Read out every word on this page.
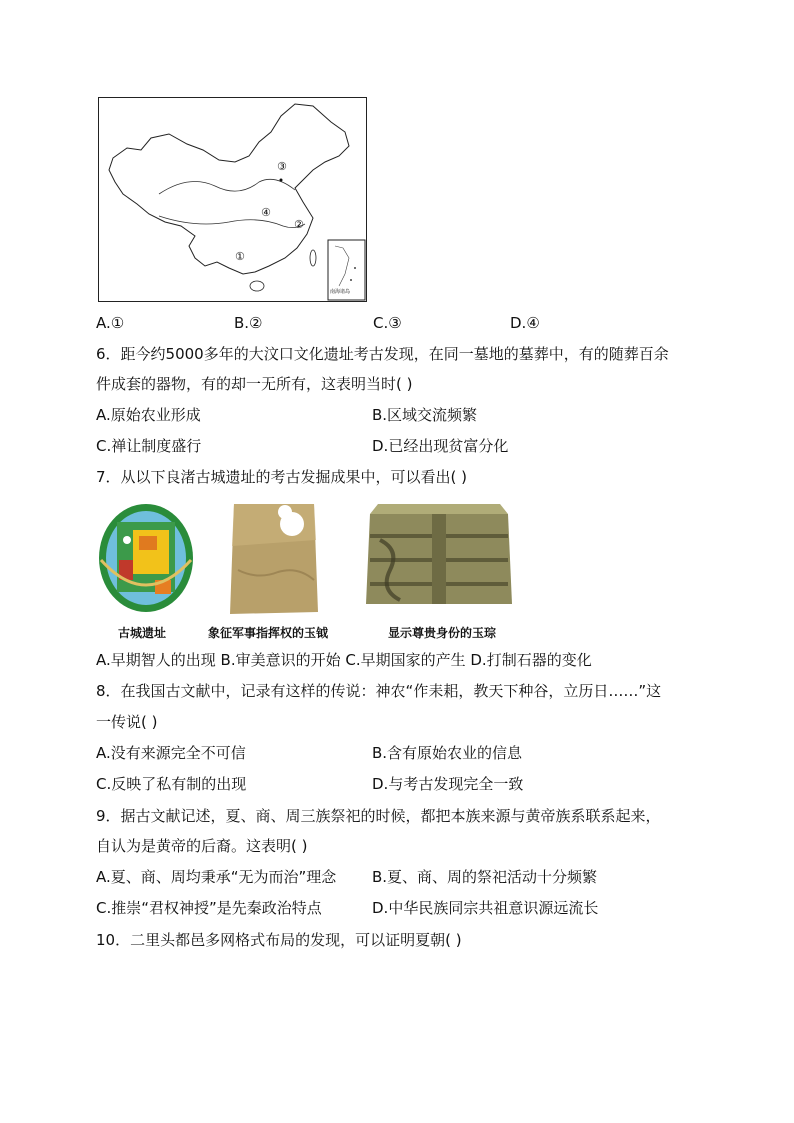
③
④
②
①
南海诸岛
A.①	B.②	C.③	D.④
6．距今约5000多年的大汶口文化遗址考古发现，在同一墓地的墓葬中，有的随葬百余
件成套的器物，有的却一无所有，这表明当时( )
A.原始农业形成	B.区域交流频繁
C.禅让制度盛行	D.已经出现贫富分化
7．从以下良渚古城遗址的考古发掘成果中，可以看出( )
古城遗址	象征军事指挥权的玉钺	显示尊贵身份的玉琮
A.早期智人的出现 B.审美意识的开始 C.早期国家的产生 D.打制石器的变化
8．在我国古文献中，记录有这样的传说：神农“作耒耜，教天下种谷，立历日……”这
一传说( )
A.没有来源完全不可信	B.含有原始农业的信息
C.反映了私有制的出现	D.与考古发现完全一致
9．据古文献记述，夏、商、周三族祭祀的时候，都把本族来源与黄帝族系联系起来，
自认为是黄帝的后裔。这表明( )
A.夏、商、周均秉承“无为而治”理念 B.夏、商、周的祭祀活动十分频繁
C.推崇“君权神授”是先秦政治特点	D.中华民族同宗共祖意识源远流长
10．二里头都邑多网格式布局的发现，可以证明夏朝( )
